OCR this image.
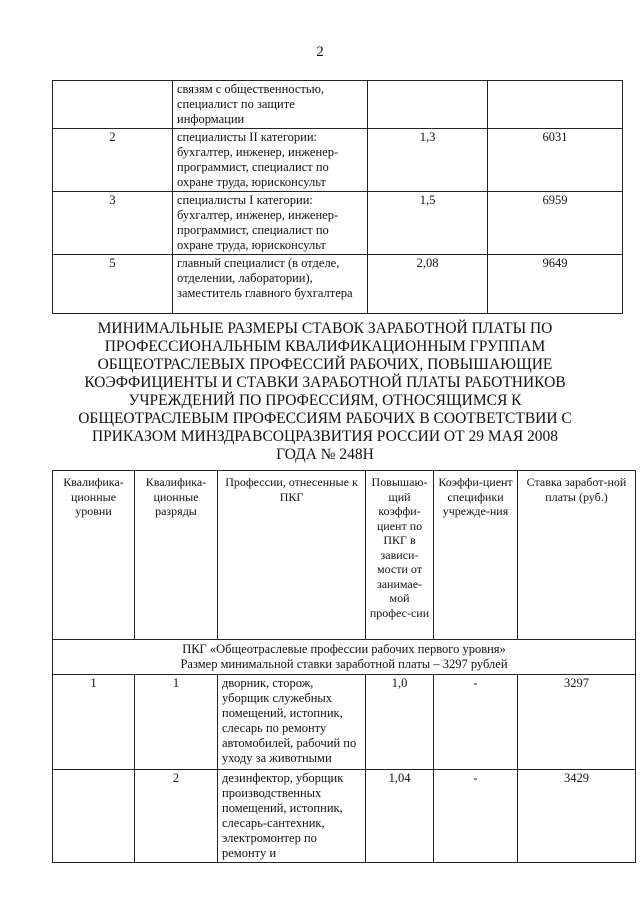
2
	связям с общественностью, специалист по защите информации		
2	специалисты II категории: бухгалтер, инженер, инженер-программист, специалист по охране труда, юрисконсульт	1,3	6031
3	специалисты I категории: бухгалтер, инженер, инженер-программист, специалист по охране труда, юрисконсульт	1,5	6959
5	главный специалист (в отделе, отделении, лаборатории), заместитель главного бухгалтера	2,08	9649
МИНИМАЛЬНЫЕ РАЗМЕРЫ СТАВОК ЗАРАБОТНОЙ ПЛАТЫ ПО ПРОФЕССИОНАЛЬНЫМ КВАЛИФИКАЦИОННЫМ ГРУППАМ ОБЩЕОТРАСЛЕВЫХ ПРОФЕССИЙ РАБОЧИХ, ПОВЫШАЮЩИЕ КОЭФФИЦИЕНТЫ И СТАВКИ ЗАРАБОТНОЙ ПЛАТЫ РАБОТНИКОВ УЧРЕЖДЕНИЙ ПО ПРОФЕССИЯМ, ОТНОСЯЩИМСЯ К ОБЩЕОТРАСЛЕВЫМ ПРОФЕССИЯМ РАБОЧИХ В СООТВЕТСТВИИ С ПРИКАЗОМ МИНЗДРАВСОЦРАЗВИТИЯ РОССИИ ОТ 29 МАЯ 2008 ГОДА № 248Н
Квалифика-ционные уровни	Квалифика-ционные разряды	Профессии, отнесенные к ПКГ	Повышаю-щий коэффи-циент по ПКГ в зависи-мости от занимае-мой профес-сии	Коэффи-циент специфики учрежде-ния	Ставка заработ-ной платы (руб.)

ПКГ «Общеотраслевые профессии рабочих первого уровня»
Размер минимальной ставки заработной платы – 3297 рублей					

1	1	дворник, сторож, уборщик служебных помещений, истопник, слесарь по ремонту автомобилей, рабочий по уходу за животными	1,0	-	3297
	2	дезинфектор, уборщик производственных помещений, истопник, слесарь-сантехник, электромонтер по ремонту и	1,04	-	3429
